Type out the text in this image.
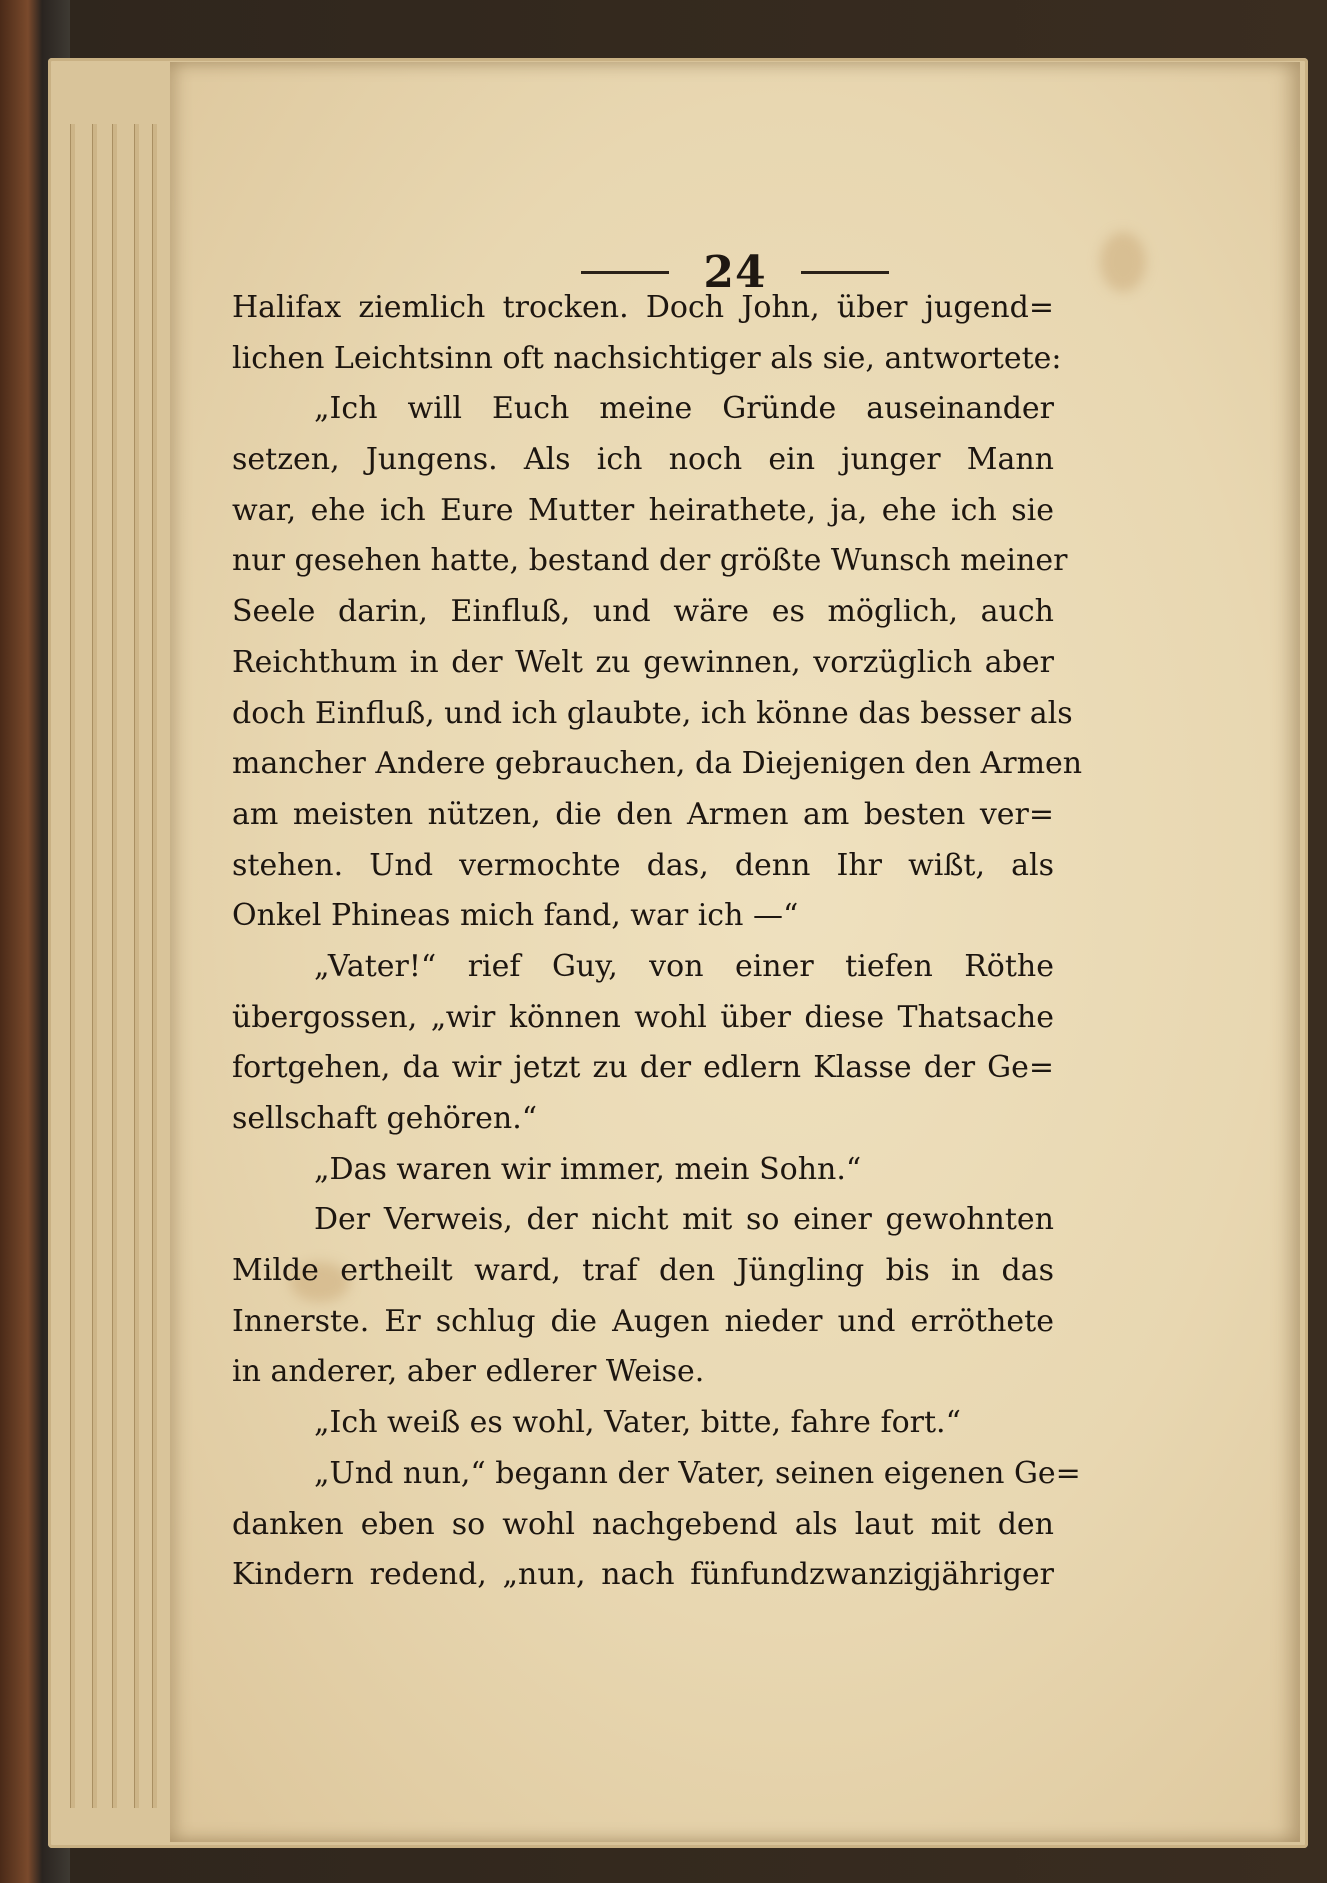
24
Halifax ziemlich trocken. Doch John, über jugend=
lichen Leichtsinn oft nachsichtiger als sie, antwortete:
„Ich will Euch meine Gründe auseinander
setzen, Jungens. Als ich noch ein junger Mann
war, ehe ich Eure Mutter heirathete, ja, ehe ich sie
nur gesehen hatte, bestand der größte Wunsch meiner
Seele darin, Einfluß, und wäre es möglich, auch
Reichthum in der Welt zu gewinnen, vorzüglich aber
doch Einfluß, und ich glaubte, ich könne das besser als
mancher Andere gebrauchen, da Diejenigen den Armen
am meisten nützen, die den Armen am besten ver=
stehen. Und vermochte das, denn Ihr wißt, als
Onkel Phineas mich fand, war ich —“
„Vater!“ rief Guy, von einer tiefen Röthe
übergossen, „wir können wohl über diese Thatsache
fortgehen, da wir jetzt zu der edlern Klasse der Ge=
sellschaft gehören.“
„Das waren wir immer, mein Sohn.“
Der Verweis, der nicht mit so einer gewohnten
Milde ertheilt ward, traf den Jüngling bis in das
Innerste. Er schlug die Augen nieder und erröthete
in anderer, aber edlerer Weise.
„Ich weiß es wohl, Vater, bitte, fahre fort.“
„Und nun,“ begann der Vater, seinen eigenen Ge=
danken eben so wohl nachgebend als laut mit den
Kindern redend, „nun, nach fünfundzwanzigjähriger
